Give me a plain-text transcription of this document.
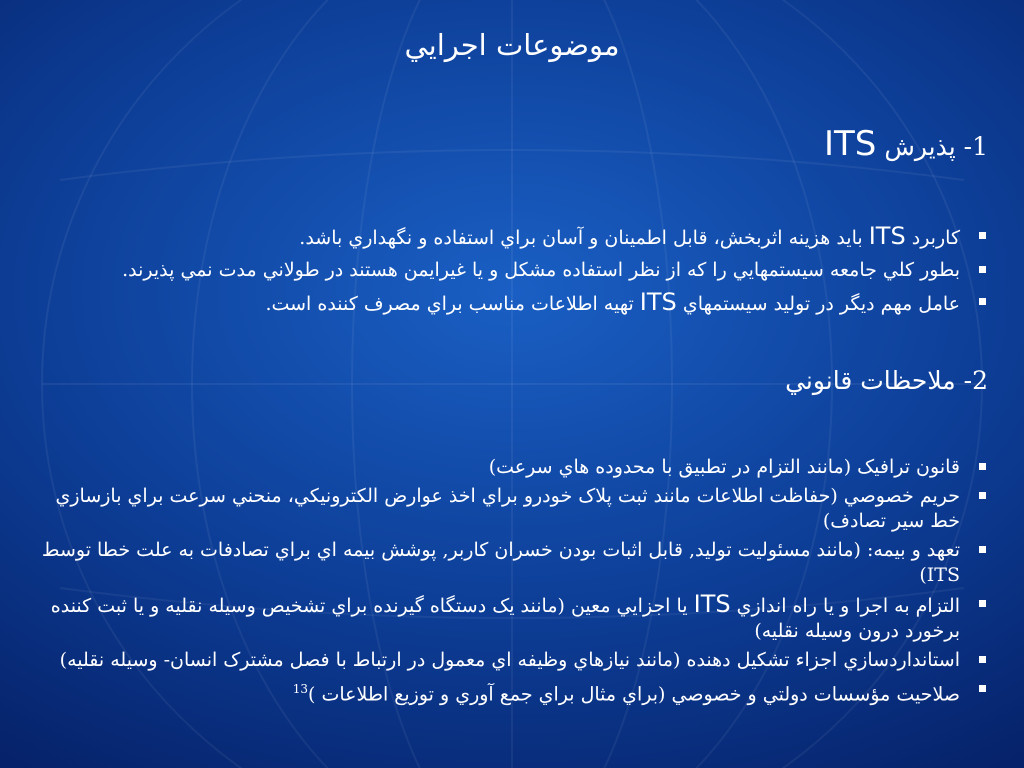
موضوعات اجرايي
1- پذيرش ITS
كاربرد ITS بايد هزينه اثربخش، قابل اطمينان و آسان براي استفاده و نگهداري باشد.
بطور كلي جامعه سيستمهايي را كه از نظر استفاده مشكل و يا غيرايمن هستند در طولاني مدت نمي پذيرند.
عامل مهم ديگر در توليد سيستمهاي ITS تهيه اطلاعات مناسب براي مصرف كننده است.
2- ملاحظات قانوني
قانون ترافيک (مانند التزام در تطبيق با محدوده هاي سرعت)
حريم خصوصي (حفاظت اطلاعات مانند ثبت پلاک خودرو براي اخذ عوارض الكترونيكي، منحني سرعت براي بازسازي خط سير تصادف)
تعهد و بيمه: (مانند مسئوليت توليد, قابل اثبات بودن خسران كاربر, پوشش بيمه اي براي تصادفات به علت خطا توسط ITS)
التزام به اجرا و يا راه اندازي ITS يا اجزايي معين (مانند يک دستگاه گيرنده براي تشخيص وسيله نقليه و يا ثبت كننده برخورد درون وسيله نقليه)
استانداردسازي اجزاء تشكيل دهنده (مانند نيازهاي وظيفه اي معمول در ارتباط با فصل مشترک انسان- وسيله نقليه)
صلاحيت مؤسسات دولتي و خصوصي (براي مثال براي جمع آوري و توزيع اطلاعات )$^{13}$
